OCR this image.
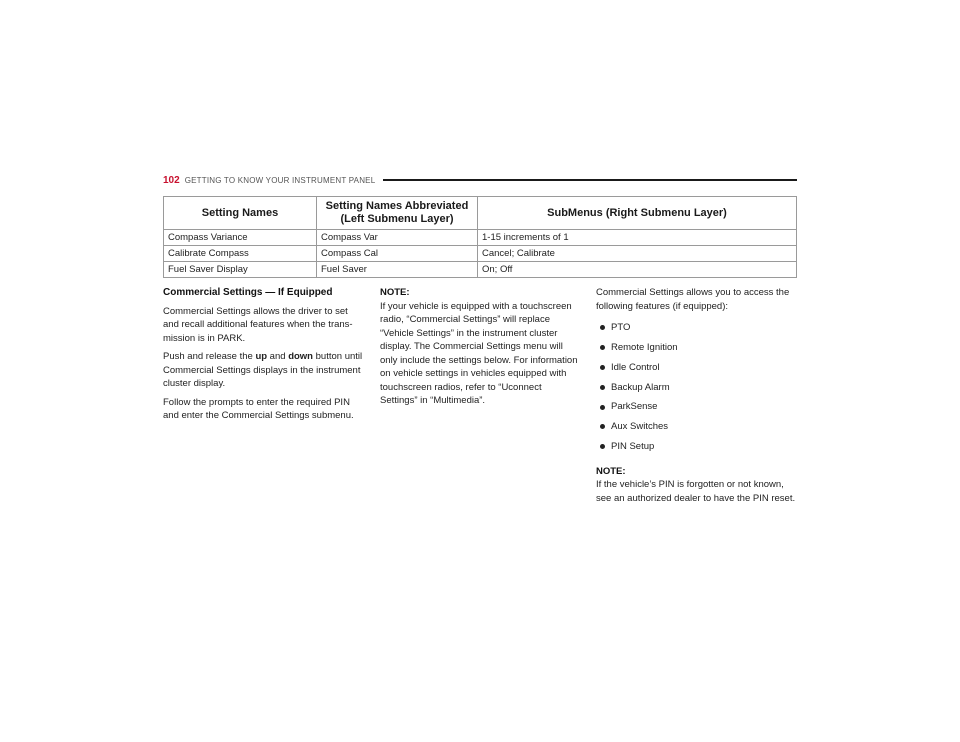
102 GETTING TO KNOW YOUR INSTRUMENT PANEL
Setting Names	Setting Names Abbreviated (Left Submenu Layer)	SubMenus (Right Submenu Layer)
Compass Variance	Compass Var	1-15 increments of 1
Calibrate Compass	Compass Cal	Cancel; Calibrate
Fuel Saver Display	Fuel Saver	On; Off
Commercial Settings — If Equipped

Commercial Settings allows the driver to set and recall additional features when the trans-mission is in PARK.

Push and release the up and down button until Commercial Settings displays in the instrument cluster display.

Follow the prompts to enter the required PIN and enter the Commercial Settings submenu.

NOTE:

If your vehicle is equipped with a touchscreen radio, “Commercial Settings” will replace “Vehicle Settings” in the instrument cluster display. The Commercial Settings menu will only include the settings below. For information on vehicle settings in vehicles equipped with touchscreen radios, refer to “Uconnect Settings” in “Multimedia”.

Commercial Settings allows you to access the following features (if equipped):

PTO
Remote Ignition
Idle Control
Backup Alarm
ParkSense
Aux Switches
PIN Setup
NOTE:

If the vehicle’s PIN is forgotten or not known, see an authorized dealer to have the PIN reset.
